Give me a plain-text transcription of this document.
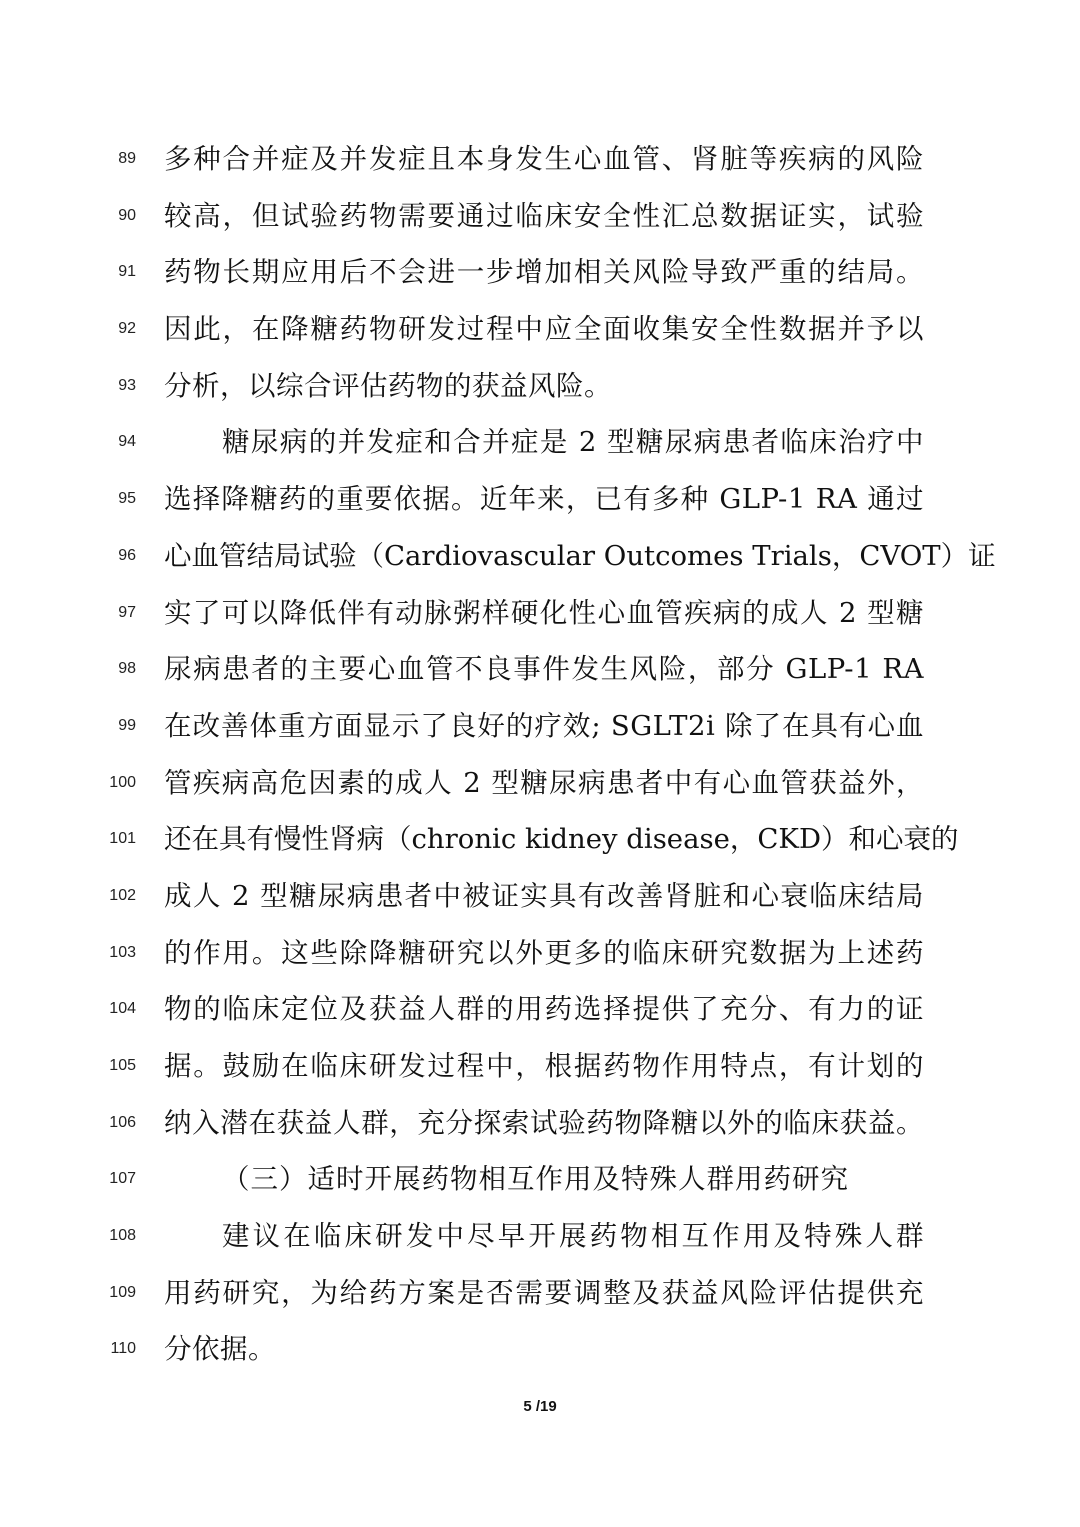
89 多种合并症及并发症且本身发生心血管、肾脏等疾病的风险
90 较高，但试验药物需要通过临床安全性汇总数据证实，试验
91 药物长期应用后不会进一步增加相关风险导致严重的结局。
92 因此，在降糖药物研发过程中应全面收集安全性数据并予以
93 分析，以综合评估药物的获益风险。
94	糖尿病的并发症和合并症是 2 型糖尿病患者临床治疗中
95 选择降糖药的重要依据。近年来，已有多种 GLP-1 RA 通过
96 心血管结局试验（Cardiovascular Outcomes Trials，CVOT）证
97 实了可以降低伴有动脉粥样硬化性心血管疾病的成人 2 型糖
98 尿病患者的主要心血管不良事件发生风险，部分 GLP-1 RA
99 在改善体重方面显示了良好的疗效; SGLT2i 除了在具有心血
100 管疾病高危因素的成人 2 型糖尿病患者中有心血管获益外，
101 还在具有慢性肾病（chronic kidney disease，CKD）和心衰的
102 成人 2 型糖尿病患者中被证实具有改善肾脏和心衰临床结局
103 的作用。这些除降糖研究以外更多的临床研究数据为上述药
104 物的临床定位及获益人群的用药选择提供了充分、有力的证
105 据。鼓励在临床研发过程中，根据药物作用特点，有计划的
106 纳入潜在获益人群，充分探索试验药物降糖以外的临床获益。
107	（三）适时开展药物相互作用及特殊人群用药研究
108	建议在临床研发中尽早开展药物相互作用及特殊人群
109 用药研究，为给药方案是否需要调整及获益风险评估提供充
110 分依据。
5 /19
